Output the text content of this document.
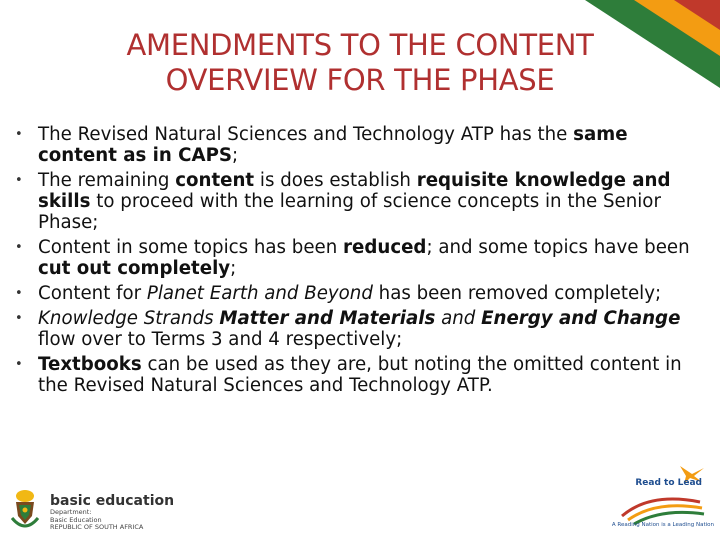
AMENDMENTS TO THE CONTENT
OVERVIEW FOR THE PHASE
• The Revised Natural Sciences and Technology ATP has the same content as in CAPS;
• The remaining content is does establish requisite knowledge and skills to proceed with the learning of science concepts in the Senior Phase;
• Content in some topics has been reduced; and some topics have been cut out completely;
• Content for Planet Earth and Beyond has been removed completely;
• Knowledge Strands Matter and Materials and Energy and Change flow over to Terms 3 and 4 respectively;
• Textbooks can be used as they are, but noting the omitted content in the Revised Natural Sciences and Technology ATP.
basic education
Department:
Basic Education
REPUBLIC OF SOUTH AFRICA
Read to Lead
A Reading Nation is a Leading Nation
